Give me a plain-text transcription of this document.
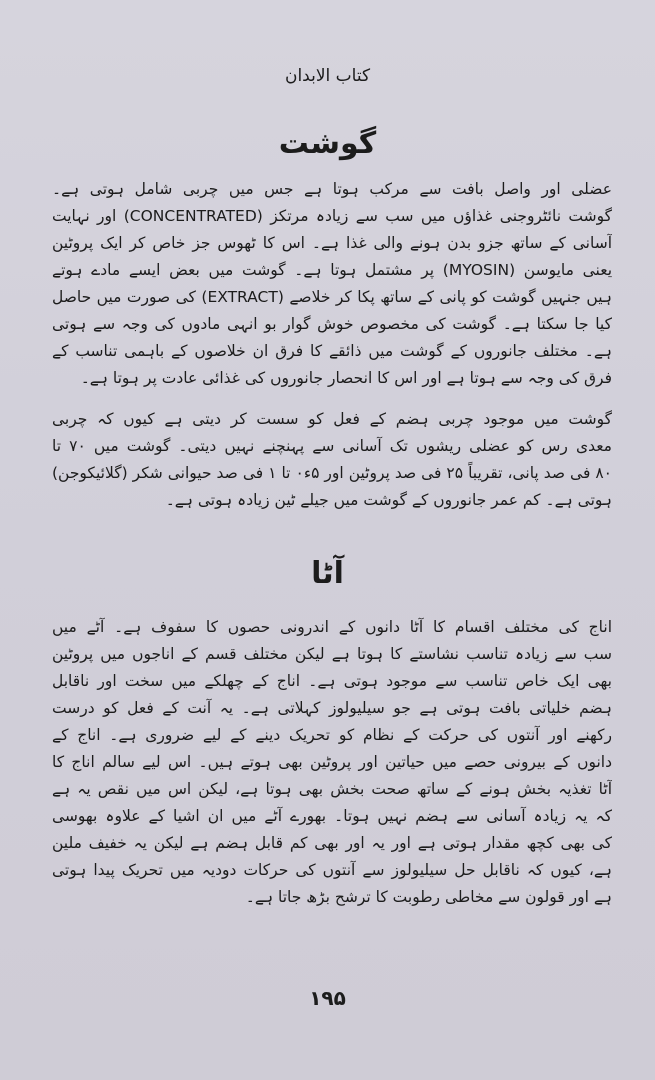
کتاب الابدان
گوشت
عضلی اور واصل بافت سے مرکب ہوتا ہے جس میں چربی شامل ہوتی ہے۔
گوشت نائٹروجنی غذاؤں میں سب سے زیادہ مرتکز (CONCENTRATED) اور نہایت
آسانی کے ساتھ جزو بدن ہونے والی غذا ہے۔ اس کا ٹھوس جز خاص کر ایک پروٹین
یعنی مایوسن (MYOSIN) پر مشتمل ہوتا ہے۔ گوشت میں بعض ایسے مادے ہوتے
ہیں جنہیں گوشت کو پانی کے ساتھ پکا کر خلاصے (EXTRACT) کی صورت میں حاصل
کیا جا سکتا ہے۔ گوشت کی مخصوص خوش گوار بو انہی مادوں کی وجہ سے ہوتی
ہے۔ مختلف جانوروں کے گوشت میں ذائقے کا فرق ان خلاصوں کے باہمی تناسب کے
فرق کی وجہ سے ہوتا ہے اور اس کا انحصار جانوروں کی غذائی عادت پر ہوتا ہے۔
گوشت میں موجود چربی ہضم کے فعل کو سست کر دیتی ہے کیوں کہ چربی
معدی رس کو عضلی ریشوں تک آسانی سے پہنچنے نہیں دیتی۔ گوشت میں ۷۰ تا
۸۰ فی صد پانی، تقریباً ۲۵ فی صد پروٹین اور ۵ء۰ تا ۱ فی صد حیوانی شکر (گلائیکوجن)
ہوتی ہے۔ کم عمر جانوروں کے گوشت میں جیلے ٹین زیادہ ہوتی ہے۔
آٹا
اناج کی مختلف اقسام کا آٹا دانوں کے اندرونی حصوں کا سفوف ہے۔ آٹے میں
سب سے زیادہ تناسب نشاستے کا ہوتا ہے لیکن مختلف قسم کے اناجوں میں پروٹین
بھی ایک خاص تناسب سے موجود ہوتی ہے۔ اناج کے چھلکے میں سخت اور ناقابل
ہضم خلیاتی بافت ہوتی ہے جو سیلیولوز کہلاتی ہے۔ یہ آنت کے فعل کو درست
رکھنے اور آنتوں کی حرکت کے نظام کو تحریک دینے کے لیے ضروری ہے۔ اناج کے
دانوں کے بیرونی حصے میں حیاتین اور پروٹین بھی ہوتے ہیں۔ اس لیے سالم اناج کا
آٹا تغذیہ بخش ہونے کے ساتھ صحت بخش بھی ہوتا ہے، لیکن اس میں نقص یہ ہے
کہ یہ زیادہ آسانی سے ہضم نہیں ہوتا۔ بھورے آٹے میں ان اشیا کے علاوہ بھوسی
کی بھی کچھ مقدار ہوتی ہے اور یہ اور بھی کم قابل ہضم ہے لیکن یہ خفیف ملین
ہے، کیوں کہ ناقابل حل سیلیولوز سے آنتوں کی حرکات دودیہ میں تحریک پیدا ہوتی
ہے اور قولون سے مخاطی رطوبت کا ترشح بڑھ جاتا ہے۔
۱۹۵
